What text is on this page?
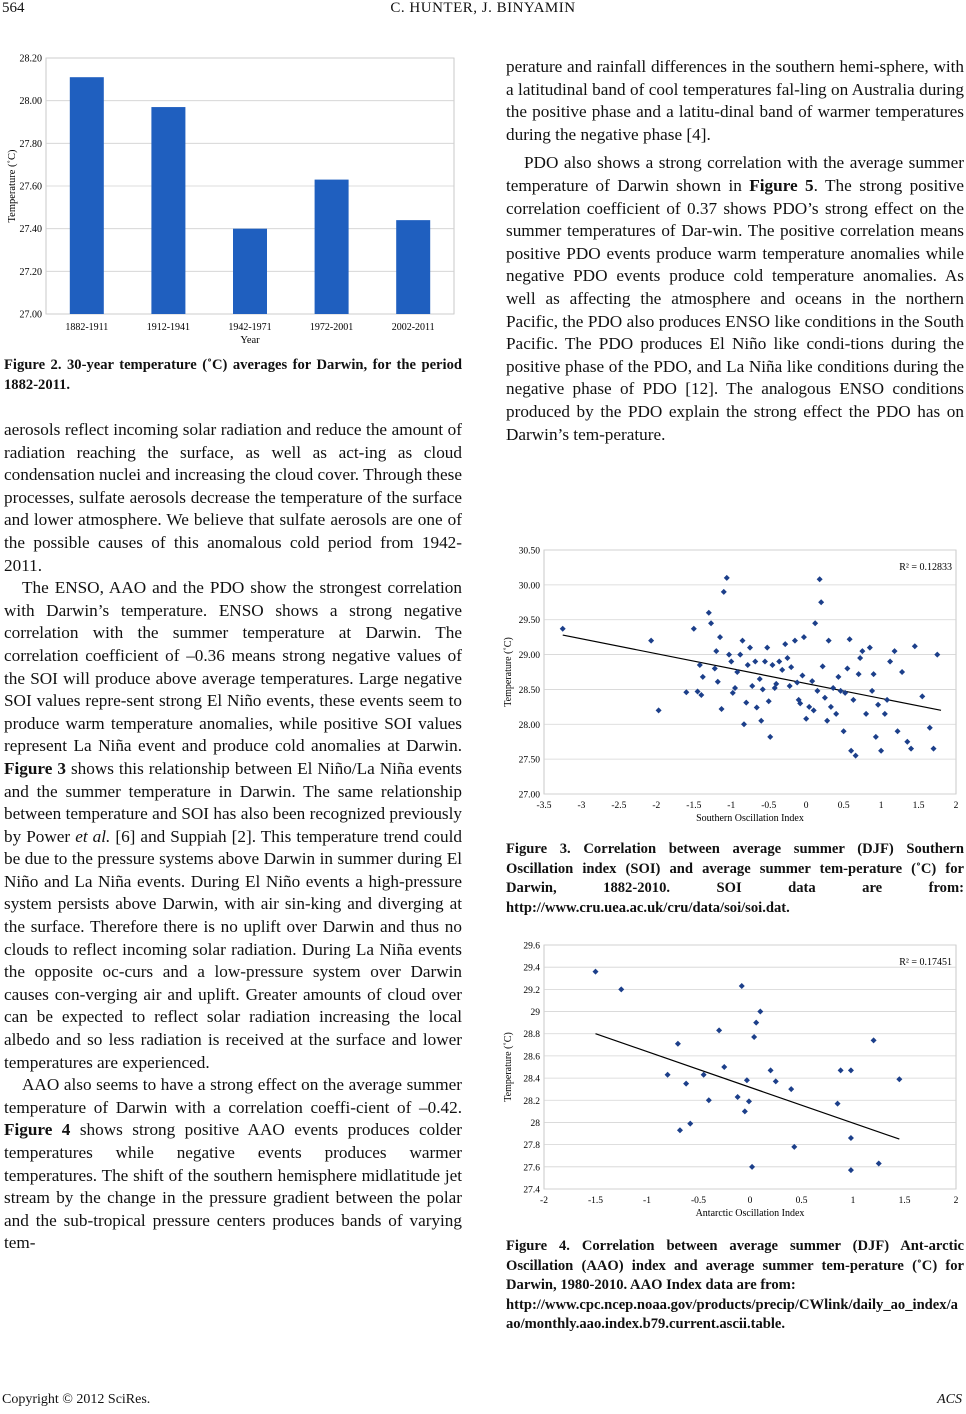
564	C. HUNTER, J. BINYAMIN
27.00
27.20
27.40
27.60
27.80
28.00
28.20
1882-1911	1912-1941	1942-1971	1972-2001	2002-2011
Year
Temperature (˚C)
Figure 2. 30-year temperature (˚C) averages for Darwin, for the period 1882-2011.

aerosols reflect incoming solar radiation and reduce the amount of radiation reaching the surface, as well as act-ing as cloud condensation nuclei and increasing the cloud cover. Through these processes, sulfate aerosols decrease the temperature of the surface and lower atmosphere. We believe that sulfate aerosols are one of the possible causes of this anomalous cold period from 1942-2011.

The ENSO, AAO and the PDO show the strongest correlation with Darwin’s temperature. ENSO shows a strong negative correlation with the summer temperature at Darwin. The correlation coefficient of –0.36 means strong negative values of the SOI will produce above average temperatures. Large negative SOI values repre-sent strong El Niño events, these events seem to produce warm temperature anomalies, while positive SOI values represent La Niña event and produce cold anomalies at Darwin. Figure 3 shows this relationship between El Niño/La Niña events and the summer temperature in Darwin. The same relationship between temperature and SOI has also been recognized previously by Power et al. [6] and Suppiah [2]. This temperature trend could be due to the pressure systems above Darwin in summer during El Niño and La Niña events. During El Niño events a high-pressure system persists above Darwin, with air sin-king and diverging at the surface. Therefore there is no uplift over Darwin and thus no clouds to reflect incoming solar radiation. During La Niña events the opposite oc-curs and a low-pressure system over Darwin causes con-verging air and uplift. Greater amounts of cloud over can be expected to reflect solar radiation increasing the local albedo and so less radiation is received at the surface and lower temperatures are experienced.

AAO also seems to have a strong effect on the average summer temperature of Darwin with a correlation coeffi-cient of –0.42. Figure 4 shows strong positive AAO events produces colder temperatures while negative events produces warmer temperatures. The shift of the southern hemisphere midlatitude jet stream by the change in the pressure gradient between the polar and the sub-tropical pressure centers produces bands of varying tem-

perature and rainfall differences in the southern hemi-sphere, with a latitudinal band of cool temperatures fal-ling on Australia during the positive phase and a latitu-dinal band of warmer temperatures during the negative phase [4].

PDO also shows a strong correlation with the average summer temperature of Darwin shown in Figure 5. The strong positive correlation coefficient of 0.37 shows PDO’s strong effect on the summer temperatures of Dar-win. The positive correlation means positive PDO events produce warm temperature anomalies while negative PDO events produce cold temperature anomalies. As well as affecting the atmosphere and oceans in the northern Pacific, the PDO also produces ENSO like conditions in the South Pacific. The PDO produces El Niño like condi-tions during the positive phase of the PDO, and La Niña like conditions during the negative phase of PDO [12]. The analogous ENSO conditions produced by the PDO explain the strong effect the PDO has on Darwin’s tem-perature.

27.00
27.50
28.00
28.50
29.00
29.50
30.00
30.50
-3.5	-3	-2.5	-2	-1.5	-1	-0.5	0	0.5	1	1.5	2
R² = 0.12833
Southern Oscillation Index
Temperature (˚C)
Figure 3. Correlation between average summer (DJF) Southern Oscillation index (SOI) and average summer tem-perature (˚C) for Darwin, 1882-2010. SOI data are from: http://www.cru.uea.ac.uk/cru/data/soi/soi.dat.
27.4
27.6
27.8
28
28.2
28.4
28.6
28.8
29
29.2
29.4
29.6
-2	-1.5	-1	-0.5	0	0.5	1	1.5	2
R² = 0.17451
Antarctic Oscillation Index
Temperature (˚C)
Figure 4. Correlation between average summer (DJF) Ant-arctic Oscillation (AAO) index and average summer tem-perature (˚C) for Darwin, 1980-2010. AAO Index data are from:
http://www.cpc.ncep.noaa.gov/products/precip/CWlink/daily_ao_index/aao/monthly.aao.index.b79.current.ascii.table.
Copyright © 2012 SciRes.	ACS
